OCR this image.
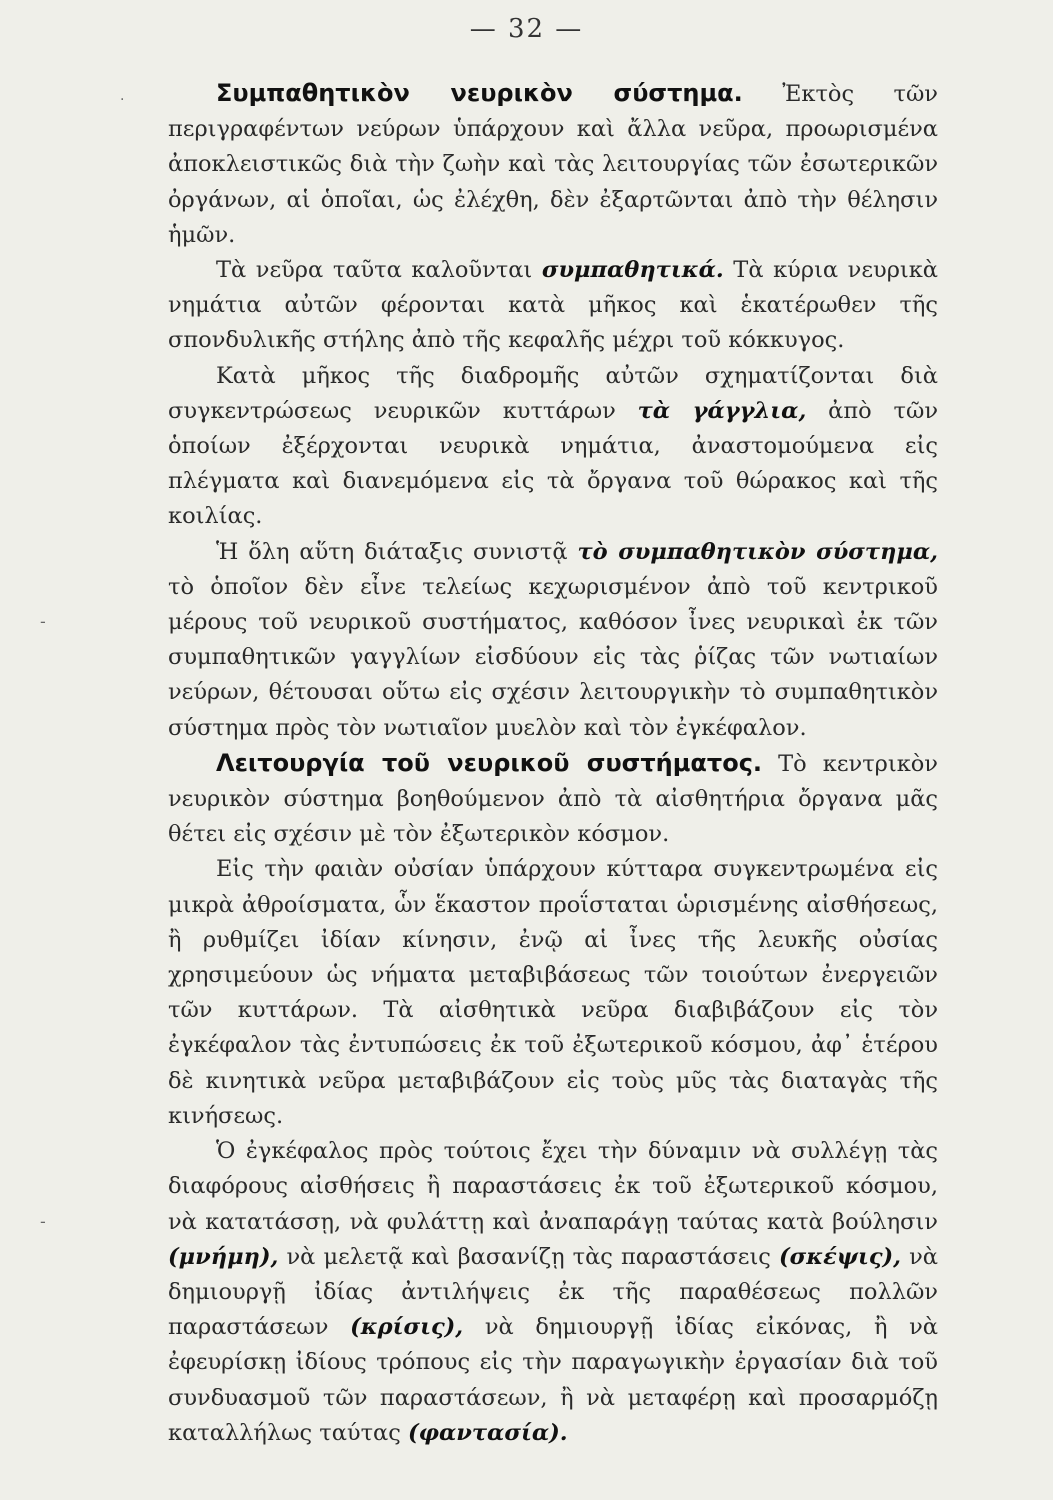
— 32 —
·
-
-

Συμπαθητικὸν νευρικὸν σύστημα. Ἐκτὸς τῶν περιγραφέντων νεύρων ὑπάρχουν καὶ ἄλλα νεῦρα, προωρισμένα ἀποκλειστικῶς διὰ τὴν ζωὴν καὶ τὰς λειτουργίας τῶν ἐσωτερικῶν ὀργάνων, αἱ ὁποῖαι, ὡς ἐλέχθη, δὲν ἐξαρτῶνται ἀπὸ τὴν θέλησιν ἡμῶν.

Τὰ νεῦρα ταῦτα καλοῦνται συμπαθητικά. Τὰ κύρια νευρικὰ νημάτια αὐτῶν φέρονται κατὰ μῆκος καὶ ἑκατέρωθεν τῆς σπονδυλικῆς στήλης ἀπὸ τῆς κεφαλῆς μέχρι τοῦ κόκκυγος.

Κατὰ μῆκος τῆς διαδρομῆς αὐτῶν σχηματίζονται διὰ συγκεντρώσεως νευρικῶν κυττάρων τὰ γάγγλια, ἀπὸ τῶν ὁποίων ἐξέρχονται νευρικὰ νημάτια, ἀναστομούμενα εἰς πλέγματα καὶ διανεμόμενα εἰς τὰ ὄργανα τοῦ θώρακος καὶ τῆς κοιλίας.

Ἡ ὅλη αὕτη διάταξις συνιστᾷ τὸ συμπαθητικὸν σύστημα, τὸ ὁποῖον δὲν εἶνε τελείως κεχωρισμένον ἀπὸ τοῦ κεντρικοῦ μέρους τοῦ νευρικοῦ συστήματος, καθόσον ἶνες νευρικαὶ ἐκ τῶν συμπαθητικῶν γαγγλίων εἰσδύουν εἰς τὰς ῥίζας τῶν νωτιαίων νεύρων, θέτουσαι οὕτω εἰς σχέσιν λειτουργικὴν τὸ συμπαθητικὸν σύστημα πρὸς τὸν νωτιαῖον μυελὸν καὶ τὸν ἐγκέφαλον.

Λειτουργία τοῦ νευρικοῦ συστήματος. Τὸ κεντρικὸν νευρικὸν σύστημα βοηθούμενον ἀπὸ τὰ αἰσθητήρια ὄργανα μᾶς θέτει εἰς σχέσιν μὲ τὸν ἐξωτερικὸν κόσμον.

Εἰς τὴν φαιὰν οὐσίαν ὑπάρχουν κύτταρα συγκεντρωμένα εἰς μικρὰ ἀθροίσματα, ὧν ἕκαστον προΐσταται ὡρισμένης αἰσθήσεως, ἢ ρυθμίζει ἰδίαν κίνησιν, ἐνῷ αἱ ἶνες τῆς λευκῆς οὐσίας χρησιμεύουν ὡς νήματα μεταβιβάσεως τῶν τοιούτων ἐνεργειῶν τῶν κυττάρων. Τὰ αἰσθητικὰ νεῦρα διαβιβάζουν εἰς τὸν ἐγκέφαλον τὰς ἐντυπώσεις ἐκ τοῦ ἐξωτερικοῦ κόσμου, ἀφ᾿ ἑτέρου δὲ κινητικὰ νεῦρα μεταβιβάζουν εἰς τοὺς μῦς τὰς διαταγὰς τῆς κινήσεως.

Ὁ ἐγκέφαλος πρὸς τούτοις ἔχει τὴν δύναμιν νὰ συλλέγῃ τὰς διαφόρους αἰσθήσεις ἢ παραστάσεις ἐκ τοῦ ἐξωτερικοῦ κόσμου, νὰ κατατάσσῃ, νὰ φυλάττῃ καὶ ἀναπαράγῃ ταύτας κατὰ βούλησιν (μνήμη), νὰ μελετᾷ καὶ βασανίζῃ τὰς παραστάσεις (σκέψις), νὰ δημιουργῇ ἰδίας ἀντιλήψεις ἐκ τῆς παραθέσεως πολλῶν παραστάσεων (κρίσις), νὰ δημιουργῇ ἰδίας εἰκόνας, ἢ νὰ ἐφευρίσκῃ ἰδίους τρόπους εἰς τὴν παραγωγικὴν ἐργασίαν διὰ τοῦ συνδυασμοῦ τῶν παραστάσεων, ἢ νὰ μεταφέρῃ καὶ προσαρμόζῃ καταλλήλως ταύτας (φαντασία).
